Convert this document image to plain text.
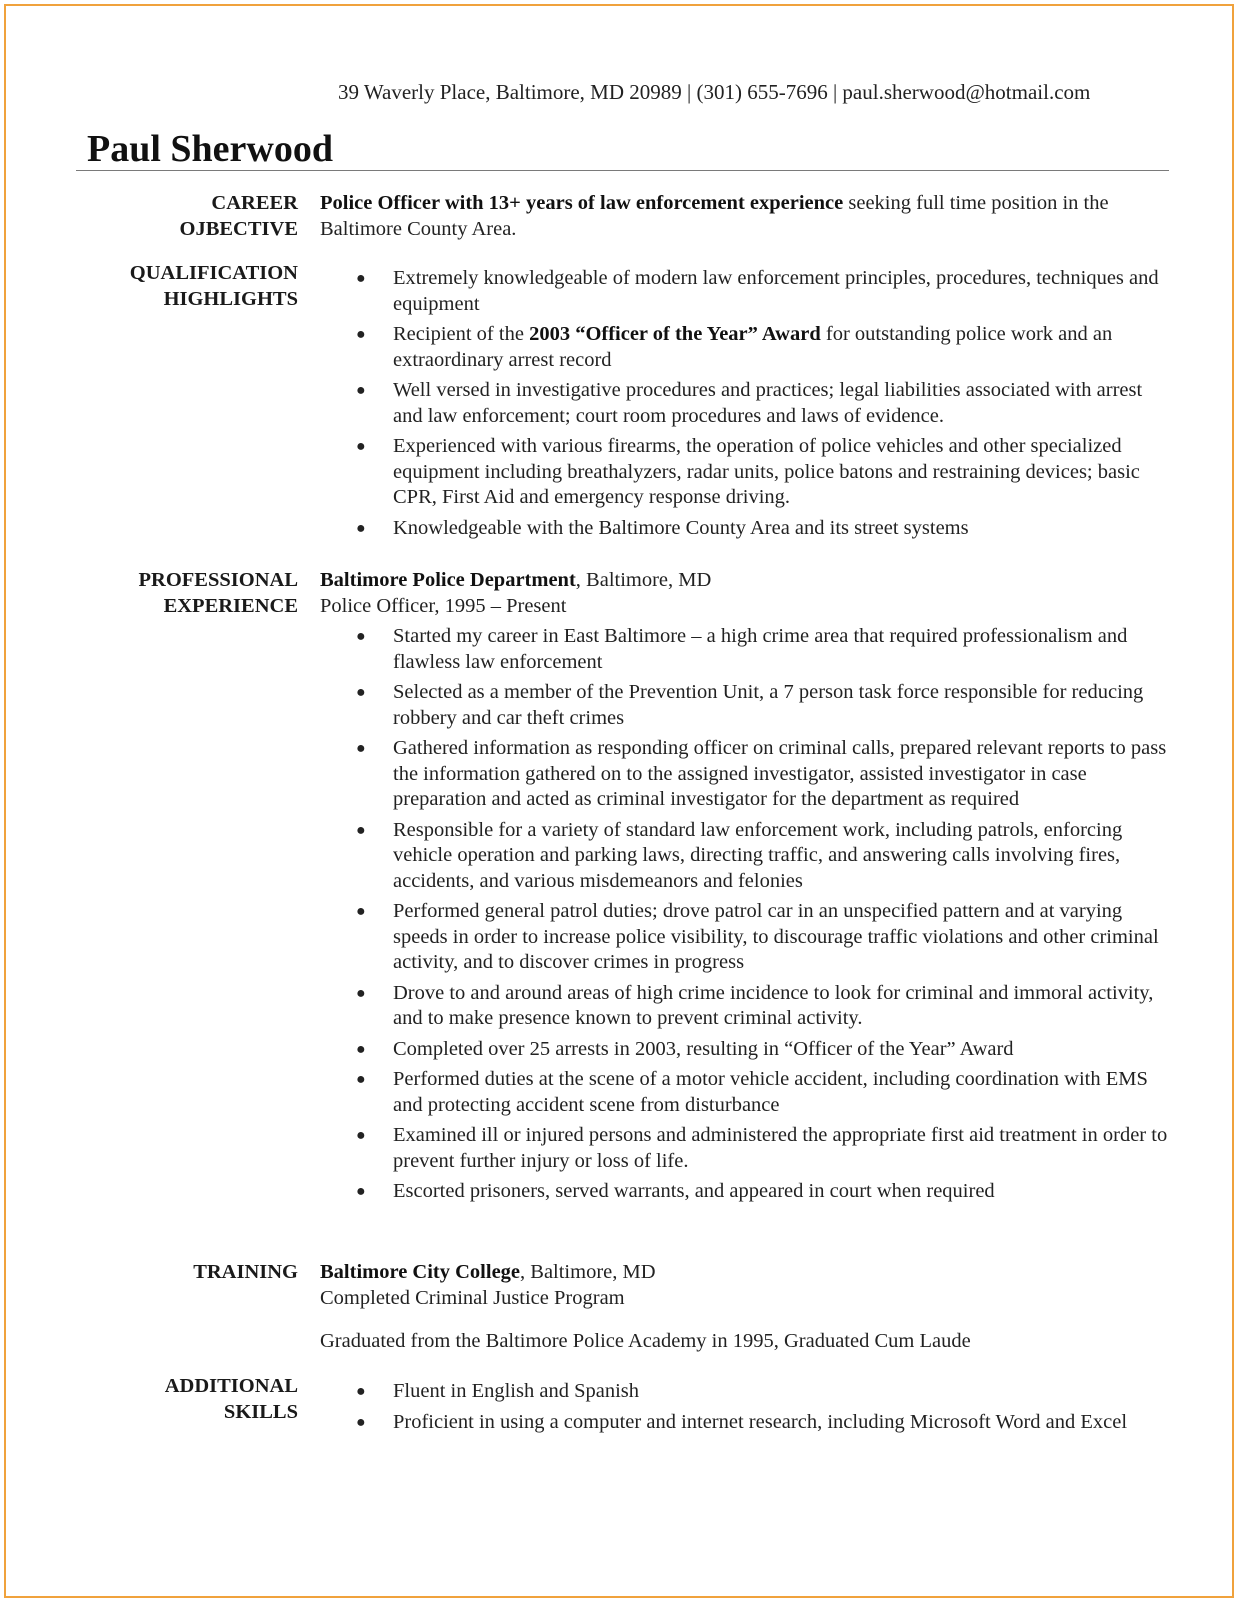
39 Waverly Place, Baltimore, MD 20989 | (301) 655-7696 | paul.sherwood@hotmail.com
Paul Sherwood
CAREER
OJBECTIVE
Police Officer with 13+ years of law enforcement experience seeking full time position in the Baltimore County Area.
QUALIFICATION
HIGHLIGHTS
● Extremely knowledgeable of modern law enforcement principles, procedures, techniques and equipment
● Recipient of the 2003 “Officer of the Year” Award for outstanding police work and an extraordinary arrest record
● Well versed in investigative procedures and practices; legal liabilities associated with arrest and law enforcement; court room procedures and laws of evidence.
● Experienced with various firearms, the operation of police vehicles and other specialized equipment including breathalyzers, radar units, police batons and restraining devices; basic CPR, First Aid and emergency response driving.
● Knowledgeable with the Baltimore County Area and its street systems
PROFESSIONAL
EXPERIENCE
Baltimore Police Department, Baltimore, MD
Police Officer, 1995 – Present
● Started my career in East Baltimore – a high crime area that required professionalism and flawless law enforcement
● Selected as a member of the Prevention Unit, a 7 person task force responsible for reducing robbery and car theft crimes
● Gathered information as responding officer on criminal calls, prepared relevant reports to pass the information gathered on to the assigned investigator, assisted investigator in case preparation and acted as criminal investigator for the department as required
● Responsible for a variety of standard law enforcement work, including patrols, enforcing vehicle operation and parking laws, directing traffic, and answering calls involving fires, accidents, and various misdemeanors and felonies
● Performed general patrol duties; drove patrol car in an unspecified pattern and at varying speeds in order to increase police visibility, to discourage traffic violations and other criminal activity, and to discover crimes in progress
● Drove to and around areas of high crime incidence to look for criminal and immoral activity, and to make presence known to prevent criminal activity.
● Completed over 25 arrests in 2003, resulting in “Officer of the Year” Award
● Performed duties at the scene of a motor vehicle accident, including coordination with EMS and protecting accident scene from disturbance
● Examined ill or injured persons and administered the appropriate first aid treatment in order to prevent further injury or loss of life.
● Escorted prisoners, served warrants, and appeared in court when required
TRAINING Baltimore City College, Baltimore, MD
Completed Criminal Justice Program
Graduated from the Baltimore Police Academy in 1995, Graduated Cum Laude
ADDITIONAL
SKILLS
● Fluent in English and Spanish
● Proficient in using a computer and internet research, including Microsoft Word and Excel
